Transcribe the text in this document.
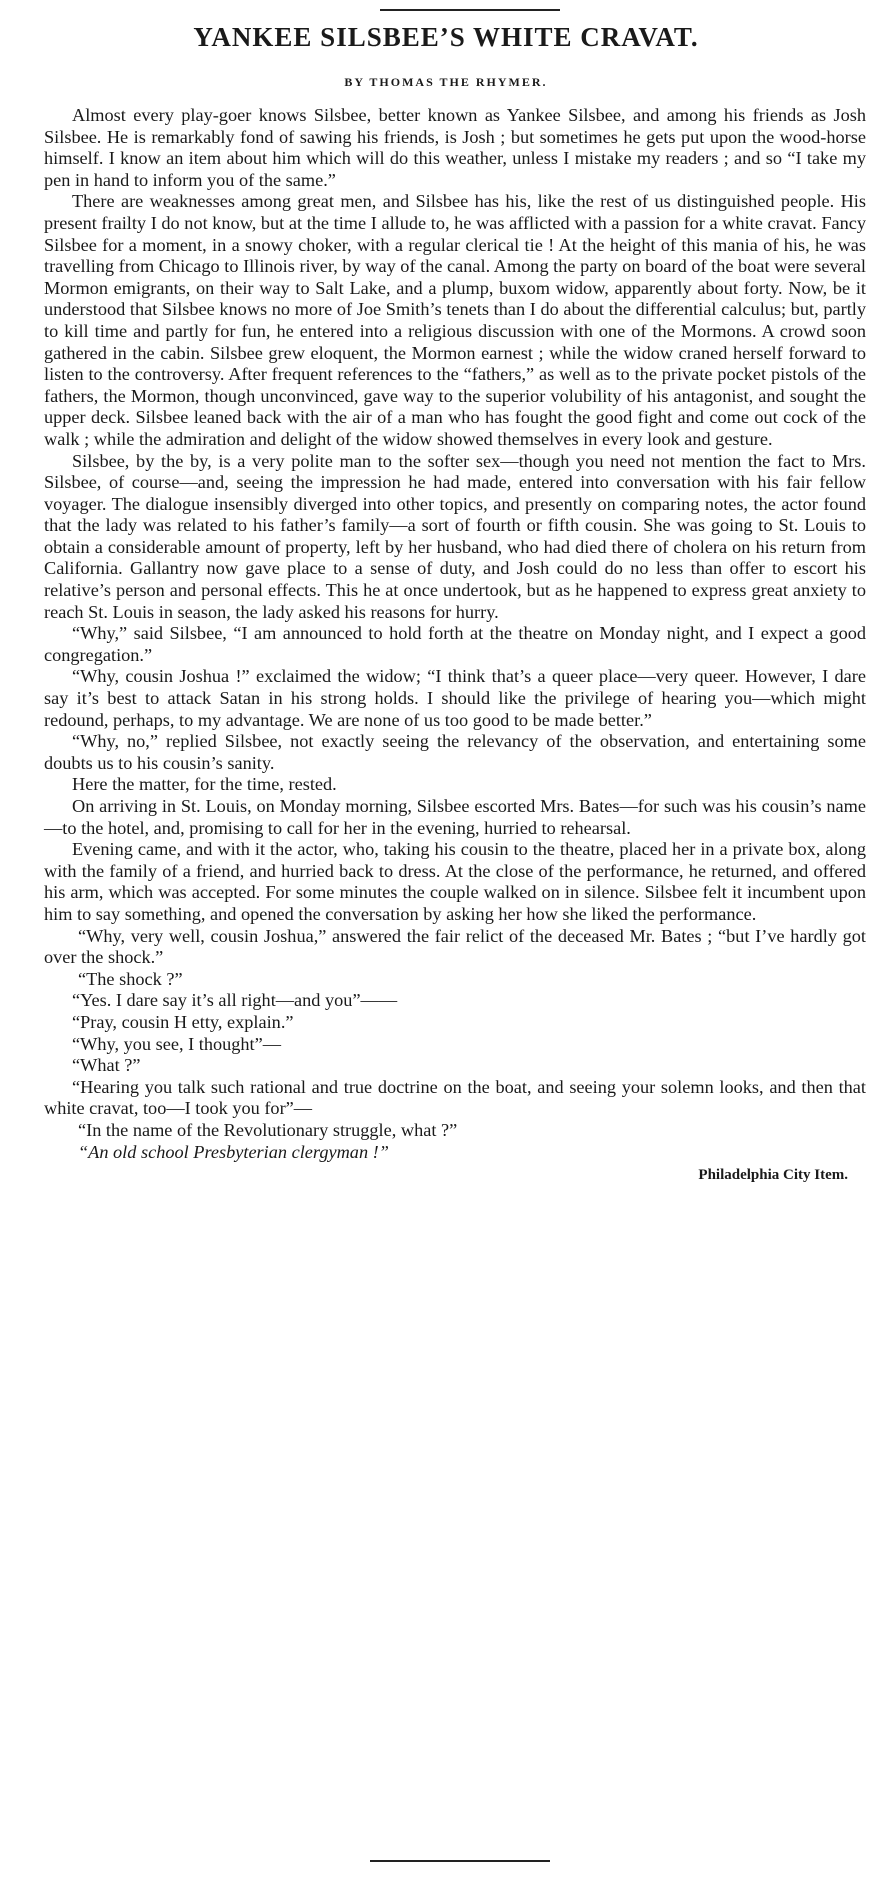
YANKEE SILSBEE’S WHITE CRAVAT.
BY THOMAS THE RHYMER.

Almost every play-goer knows Silsbee, better known as Yankee Silsbee, and among his friends as Josh Silsbee. He is remarkably fond of sawing his friends, is Josh ; but sometimes he gets put upon the wood-horse himself. I know an item about him which will do this weather, unless I mistake my readers ; and so “I take my pen in hand to inform you of the same.”

There are weaknesses among great men, and Silsbee has his, like the rest of us distinguished people. His present frailty I do not know, but at the time I allude to, he was afflicted with a passion for a white cravat. Fancy Silsbee for a moment, in a snowy choker, with a regular clerical tie ! At the height of this mania of his, he was travelling from Chicago to Illinois river, by way of the canal. Among the party on board of the boat were several Mormon emigrants, on their way to Salt Lake, and a plump, buxom widow, apparently about forty. Now, be it understood that Silsbee knows no more of Joe Smith’s tenets than I do about the differential calculus; but, partly to kill time and partly for fun, he entered into a religious discussion with one of the Mormons. A crowd soon gathered in the cabin. Silsbee grew eloquent, the Mormon earnest ; while the widow craned herself forward to listen to the controversy. After frequent references to the “fathers,” as well as to the private pocket pistols of the fathers, the Mormon, though unconvinced, gave way to the superior volubility of his antagonist, and sought the upper deck. Silsbee leaned back with the air of a man who has fought the good fight and come out cock of the walk ; while the admiration and delight of the widow showed themselves in every look and gesture.

Silsbee, by the by, is a very polite man to the softer sex—though you need not mention the fact to Mrs. Silsbee, of course—and, seeing the impression he had made, entered into conversation with his fair fellow voyager. The dialogue insensibly diverged into other topics, and presently on comparing notes, the actor found that the lady was related to his father’s family—a sort of fourth or fifth cousin. She was going to St. Louis to obtain a considerable amount of property, left by her husband, who had died there of cholera on his return from California. Gallantry now gave place to a sense of duty, and Josh could do no less than offer to escort his relative’s person and personal effects. This he at once undertook, but as he happened to express great anxiety to reach St. Louis in season, the lady asked his reasons for hurry.

“Why,” said Silsbee, “I am announced to hold forth at the theatre on Monday night, and I expect a good congregation.”

“Why, cousin Joshua !” exclaimed the widow; “I think that’s a queer place—very queer. However, I dare say it’s best to attack Satan in his strong holds. I should like the privilege of hearing you—which might redound, perhaps, to my advantage. We are none of us too good to be made better.”

“Why, no,” replied Silsbee, not exactly seeing the relevancy of the observation, and entertaining some doubts us to his cousin’s sanity.

Here the matter, for the time, rested.

On arriving in St. Louis, on Monday morning, Silsbee escorted Mrs. Bates—for such was his cousin’s name—to the hotel, and, promising to call for her in the evening, hurried to rehearsal.

Evening came, and with it the actor, who, taking his cousin to the theatre, placed her in a private box, along with the family of a friend, and hurried back to dress. At the close of the performance, he returned, and offered his arm, which was accepted. For some minutes the couple walked on in silence. Silsbee felt it incumbent upon him to say something, and opened the conversation by asking her how she liked the performance.

“Why, very well, cousin Joshua,” answered the fair relict of the deceased Mr. Bates ; “but I’ve hardly got over the shock.”

“The shock ?”

“Yes. I dare say it’s all right—and you”——

“Pray, cousin H etty, explain.”

“Why, you see, I thought”—

“What ?”

“Hearing you talk such rational and true doctrine on the boat, and seeing your solemn looks, and then that white cravat, too—I took you for”—

“In the name of the Revolutionary struggle, what ?”

“An old school Presbyterian clergyman !”

Philadelphia City Item.
